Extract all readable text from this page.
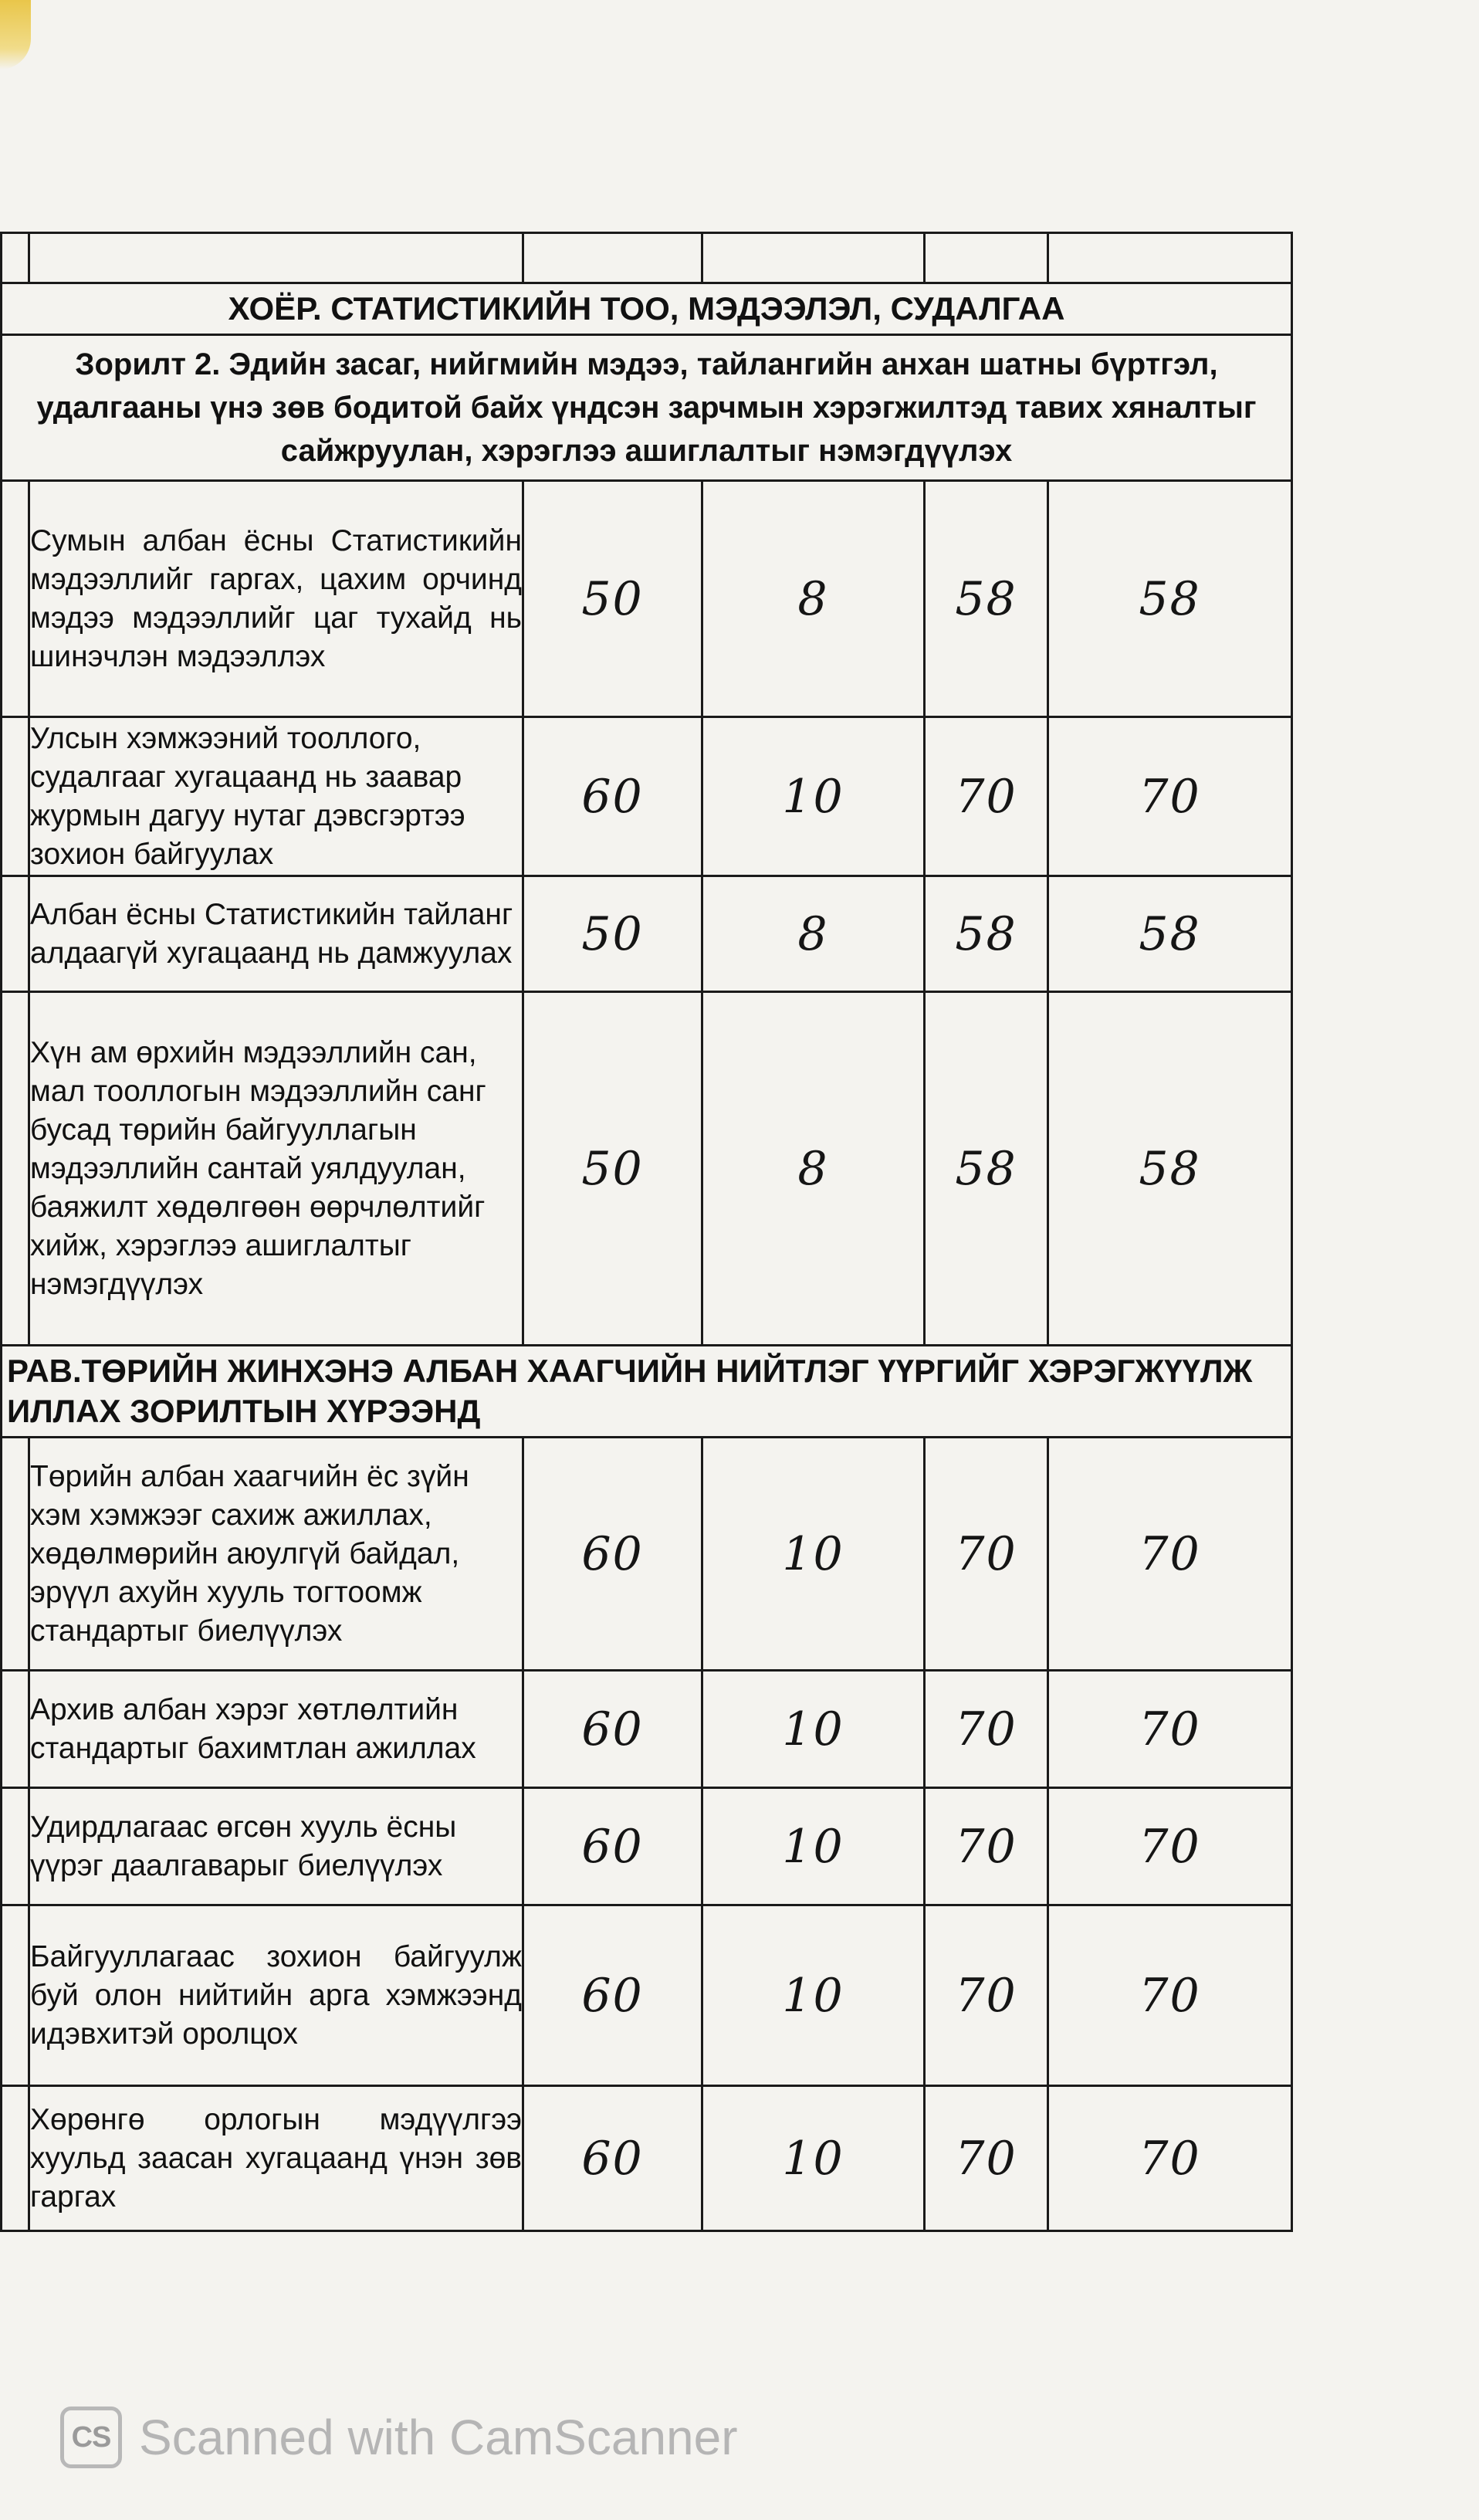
ХОЁР. СТАТИСТИКИЙН ТОО, МЭДЭЭЛЭЛ, СУДАЛГАА					
Зорилт 2. Эдийн засаг, нийгмийн мэдээ, тайлангийн анхан шатны бүртгэл, удалгааны үнэ зөв бодитой байх үндсэн зарчмын хэрэгжилтэд тавих хяналтыг сайжруулан, хэрэглээ ашиглалтыг нэмэгдүүлэх					
	Сумын албан ёсны Статистикийн мэдээллийг гаргах, цахим орчинд мэдээ мэдээллийг цаг тухайд нь шинэчлэн мэдээллэх	50	8	58	58
	Улсын хэмжээний тооллого, судалгааг хугацаанд нь заавар журмын дагуу нутаг дэвсгэртээ зохион байгуулах	60	10	70	70
	Албан ёсны Статистикийн тайланг алдаагүй хугацаанд нь дамжуулах	50	8	58	58
	Хүн ам өрхийн мэдээллийн сан, мал тооллогын мэдээллийн санг бусад төрийн байгууллагын мэдээллийн сантай уялдуулан, баяжилт хөдөлгөөн өөрчлөлтийг хийж, хэрэглээ ашиглалтыг нэмэгдүүлэх	50	8	58	58
РАВ.ТӨРИЙН ЖИНХЭНЭ АЛБАН ХААГЧИЙН НИЙТЛЭГ ҮҮРГИЙГ ХЭРЭГЖҮҮЛЖ ИЛЛАХ ЗОРИЛТЫН ХҮРЭЭНД					
	Төрийн албан хаагчийн ёс зүйн хэм хэмжээг сахиж ажиллах, хөдөлмөрийн аюулгүй байдал, эрүүл ахуйн хууль тогтоомж стандартыг биелүүлэх	60	10	70	70
	Архив албан хэрэг хөтлөлтийн стандартыг бахимтлан ажиллах	60	10	70	70
	Удирдлагаас өгсөн хууль ёсны үүрэг даалгаварыг биелүүлэх	60	10	70	70
	Байгууллагаас зохион байгуулж буй олон нийтийн арга хэмжээнд идэвхитэй оролцох	60	10	70	70
	Хөрөнгө орлогын мэдүүлгээ хуульд заасан хугацаанд үнэн зөв гаргах	60	10	70	70
CS Scanned with CamScanner
